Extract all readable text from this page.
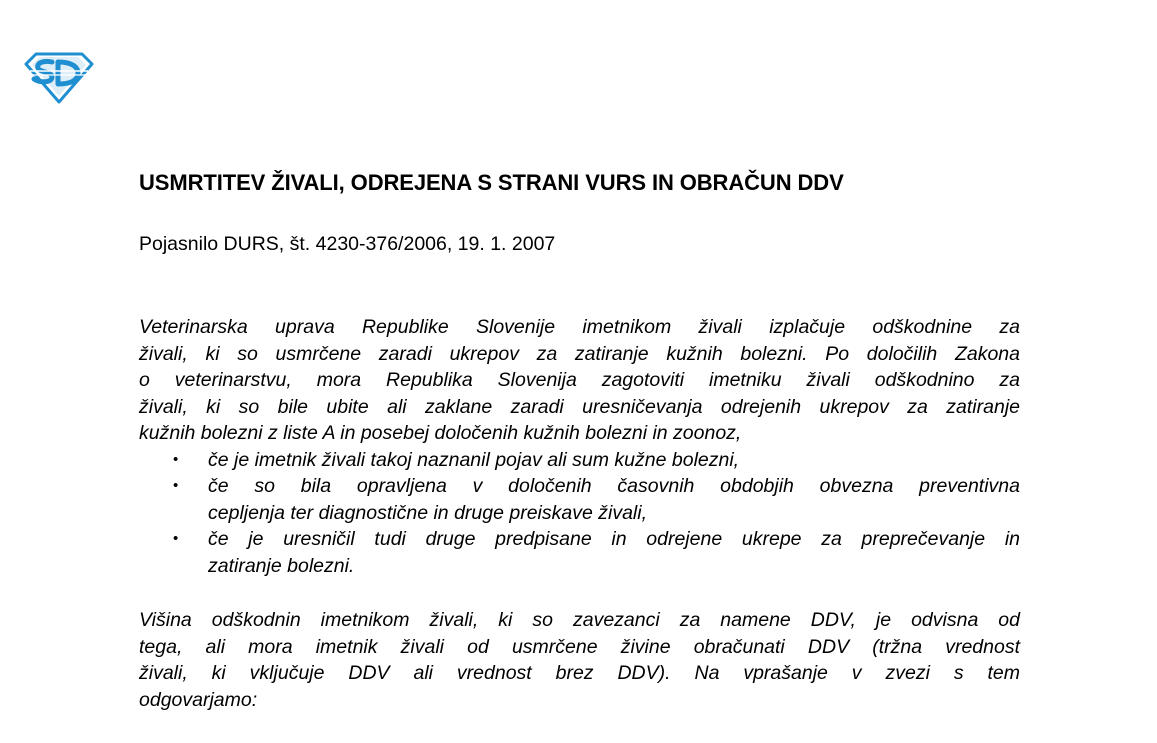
USMRTITEV ŽIVALI, ODREJENA S STRANI VURS IN OBRAČUN DDV

Pojasnilo DURS, št. 4230-376/2006, 19. 1. 2007

Veterinarska uprava Republike Slovenije imetnikom živali izplačuje odškodnine za

živali, ki so usmrčene zaradi ukrepov za zatiranje kužnih bolezni. Po določilih Zakona

o veterinarstvu, mora Republika Slovenija zagotoviti imetniku živali odškodnino za

živali, ki so bile ubite ali zaklane zaradi uresničevanja odrejenih ukrepov za zatiranje

kužnih bolezni z liste A in posebej določenih kužnih bolezni in zoonoz,

• če je imetnik živali takoj naznanil pojav ali sum kužne bolezni,
• če so bila opravljena v določenih časovnih obdobjih obvezna preventivna
cepljenja ter diagnostične in druge preiskave živali,
• če je uresničil tudi druge predpisane in odrejene ukrepe za preprečevanje in
zatiranje bolezni.

Višina odškodnin imetnikom živali, ki so zavezanci za namene DDV, je odvisna od

tega, ali mora imetnik živali od usmrčene živine obračunati DDV (tržna vrednost

živali, ki vključuje DDV ali vrednost brez DDV). Na vprašanje v zvezi s tem

odgovarjamo:
